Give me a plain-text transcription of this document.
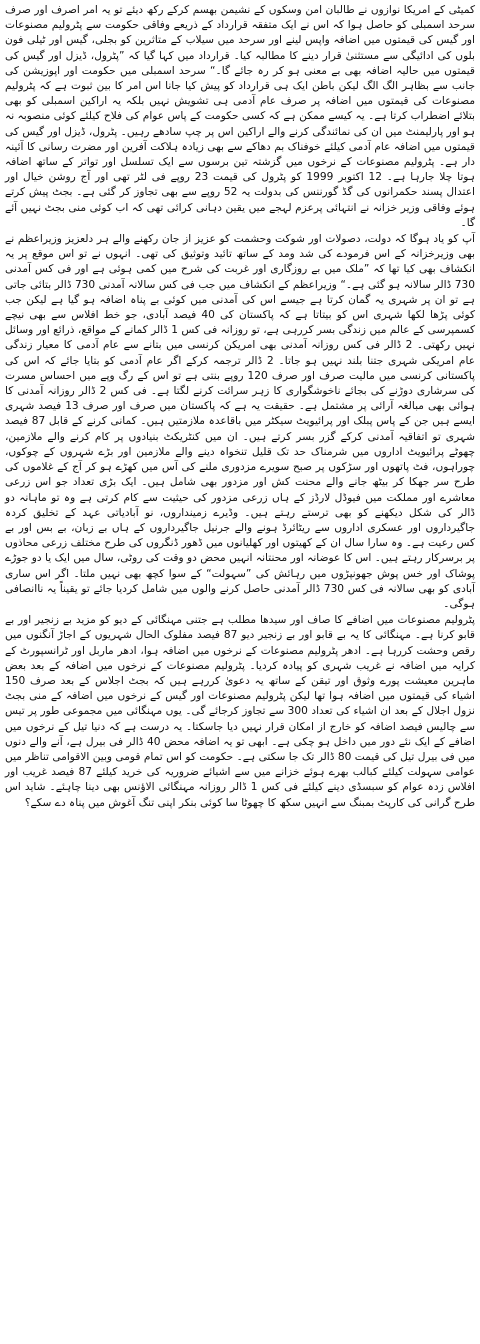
کمیٹی کے امریکا نوازوں نے طالبان امن وسکوں کے نشیمن بھسم کرکے رکھ دیئے تو یہ امر اصرف اور صرف سرحد اسمبلی کو حاصل ہوا کہ اس نے ایک متفقہ قرارداد کے ذریعے وفاقی حکومت سے پٹرولیم مصنوعات اور گیس کی قیمتوں میں اضافہ واپس لینے اور سرحد میں سیلاب کے متاثرین کو بجلی، گیس اور ٹیلی فون بلوں کی ادائیگی سے مستثنیٰ قرار دینے کا مطالبہ کیا۔ قرارداد میں کہا گیا کہ ”پٹرول، ڈیزل اور گیس کی قیمتوں میں حالیہ اضافہ بھی بے معنی ہو کر رہ جائے گا۔“ سرحد اسمبلی میں حکومت اور اپوزیشن کی جانب سے بظاہر الگ الگ لیکن باطن ایک ہی قرارداد کو پیش کیا جانا اس امر کا بین ثبوت ہے کہ پٹرولیم مصنوعات کی قیمتوں میں اضافہ پر صرف عام آدمی ہی تشویش نہیں بلکہ یہ اراکین اسمبلی کو بھی بتلائے اضطراب کرتا ہے۔ یہ کیسے ممکن ہے کہ کسی حکومت کے پاس عوام کی فلاح کیلئے کوئی منصوبہ نہ ہو اور پارلیمنٹ میں ان کی نمائندگی کرنے والے اراکین اس پر چپ سادھے رہیں۔ پٹرول، ڈیزل اور گیس کی قیمتوں میں اضافہ عام آدمی کیلئے خوفناک بم دھاکے سے بھی زیادہ ہلاکت آفرین اور مضرت رسانی کا آئینہ دار ہے۔ پٹرولیم مصنوعات کے نرخوں میں گزشتہ تین برسوں سے ایک تسلسل اور تواتر کے ساتھ اضافہ ہوتا چلا جارہا ہے۔ 12 اکتوبر 1999 کو پٹرول کی قیمت 23 روپے فی لٹر تھی اور آج روشن خیال اور اعتدال پسند حکمرانوں کی گڈ گورننس کی بدولت یہ 52 روپے سے بھی تجاوز کر گئی ہے۔ بجٹ پیش کرتے ہوئے وفاقی وزیر خزانہ نے انتہائی پرعزم لہجے میں یقین دہانی کرائی تھی کہ اب کوئی منی بجٹ نہیں آئے گا۔

آپ کو یاد ہوگا کہ دولت، دصولات اور شوکت وحشمت کو عزیز از جان رکھنے والے ہر دلعزیز وزیراعظم نے بھی وزیرخزانہ کے اس فرمودے کی شد ومد کے ساتھ تائید وتوثیق کی تھی۔ انہوں نے تو اس موقع پر یہ انکشاف بھی کیا تھا کہ ”ملک میں بے روزگاری اور غربت کی شرح میں کمی ہوئی ہے اور فی کس آمدنی 730 ڈالر سالانہ ہو گئی ہے۔“ وزیراعظم کے انکشاف میں جب فی کس سالانہ آمدنی 730 ڈالر بتائی جاتی ہے تو ان پر شہری یہ گمان کرتا ہے جیسے اس کی آمدنی میں کوئی بے پناہ اضافہ ہو گیا ہے لیکن جب کوئی پڑھا لکھا شہری اس کو بیتاتا ہے کہ پاکستان کی 40 فیصد آبادی، جو خط افلاس سے بھی نیچے کسمپرسی کے عالم میں زندگی بسر کررہی ہے، تو روزانہ فی کس 1 ڈالر کمانے کے مواقع، ذرائع اور وسائل نہیں رکھتی۔ 2 ڈالر فی کس روزانہ آمدنی بھی امریکن کرنسی میں بتانے سے عام آدمی کا معیار زندگی عام امریکی شہری جتنا بلند نہیں ہو جاتا۔ 2 ڈالر ترجمہ کرکے اگر عام آدمی کو بتایا جائے کہ اس کی پاکستانی کرنسی میں مالیت صرف اور صرف 120 روپے بنتی ہے تو اس کے رگ وپے میں احساس مسرت کی سرشاری دوڑنے کی بجائے ناخوشگواری کا زہر سرائت کرنے لگتا ہے۔ فی کس 2 ڈالر روزانہ آمدنی کا ہوائی بھی مبالغہ آرائی پر مشتمل ہے۔ حقیقت یہ ہے کہ پاکستان میں صرف اور صرف 13 فیصد شہری ایسے ہیں جن کے پاس پبلک اور پرائیویٹ سیکٹر میں باقاعدہ ملازمتیں ہیں۔ کمانی کرنے کے قابل 87 فیصد شہری تو اتفاقیہ آمدنی کرکے گزر بسر کرتے ہیں۔ ان میں کنٹریکٹ بنیادوں پر کام کرنے والے ملازمین، چھوٹے پرائیویٹ اداروں میں شرمناک حد تک قلیل تنخواہ دینے والے ملازمین اور بڑے شہروں کے چوکوں، چوراہوں، فٹ پاتھوں اور سڑکوں پر صبح سویرے مزدوری ملنے کی آس میں کھڑے ہو کر آج کے غلاموں کی طرح سر جھکا کر بیٹھ جانے والے محنت کش اور مزدور بھی شامل ہیں۔ ایک بڑی تعداد جو اس زرعی معاشرے اور مملکت میں فیوڈل لارڈز کے ہاں زرعی مزدور کی حیثیت سے کام کرتی ہے وہ تو ماہانہ دو ڈالر کی شکل دیکھنے کو بھی ترستے رہتے ہیں۔ وڈیرے زمینداروں، نو آبادیاتی عہد کے تخلیق کردہ جاگیرداروں اور عسکری اداروں سے ریٹائرڈ ہونے والے جرنیل جاگیرداروں کے ہاں بے زبان، بے بس اور بے کس رعیت ہے۔ وہ سارا سال ان کے کھیتوں اور کھلیانوں میں ڈھور ڈنگروں کی طرح مختلف زرعی محاذوں پر برسرکار رہتے ہیں۔ اس کا عوضانہ اور محنتانہ انہیں محض دو وقت کی روٹی، سال میں ایک یا دو جوڑے پوشاک اور خس پوش جھونپڑوں میں رہائش کی ”سہولت“ کے سوا کچھ بھی نہیں ملتا۔ اگر اس ساری آبادی کو بھی سالانہ فی کس 730 ڈالر آمدنی حاصل کرنے والوں میں شامل کردیا جائے تو یقیناً یہ ناانصافی ہوگی۔

پٹرولیم مصنوعات میں اضافے کا صاف اور سیدھا مطلب ہے جتنی مہنگائی کے دیو کو مزید بے زنجیر اور بے قابو کرنا ہے۔ مہنگائی کا یہ بے قابو اور بے زنجیر دیو 87 فیصد مفلوک الحال شہریوں کے اجاڑ آنگنوں میں رقص وحشت کررہا ہے۔ ادھر پٹرولیم مصنوعات کے نرخوں میں اضافہ ہوا، ادھر ماربل اور ٹرانسپورٹ کے کرایہ میں اضافہ نے غریب شہری کو پیادہ کردیا۔ پٹرولیم مصنوعات کے نرخوں میں اضافہ کے بعد بعض ماہرین معیشت پورے وثوق اور تیقن کے ساتھ یہ دعویٰ کررہے ہیں کہ بجٹ اجلاس کے بعد صرف 150 اشیاء کی قیمتوں میں اضافہ ہوا تھا لیکن پٹرولیم مصنوعات اور گیس کے نرخوں میں اضافہ کے منی بجٹ نزول اجلال کے بعد ان اشیاء کی تعداد 300 سے تجاوز کرجائے گی۔ یوں مہنگائی میں مجموعی طور پر تیس سے چالیس فیصد اضافہ کو خارج از امکان قرار نہیں دیا جاسکتا۔ یہ درست ہے کہ دنیا تیل کے نرخوں میں اضافے کے ایک نئے دور میں داخل ہو چکی ہے۔ ابھی تو یہ اضافہ محض 40 ڈالر فی بیرل ہے، آنے والے دنوں میں فی بیرل تیل کی قیمت 80 ڈالر تک جا سکتی ہے۔ حکومت کو اس تمام قومی وبین الاقوامی تناظر میں عوامی سہولت کیلئے کبالب بھرے ہوئے خزانے میں سے اشیائے ضروریہ کی خرید کیلئے 87 فیصد غریب اور افلاس زدہ عوام کو سبسڈی دینے کیلئے فی کس 1 ڈالر روزانہ مہنگائی الاؤنس بھی دینا چاہئے۔ شاید اس طرح گرانی کی کارپٹ بمبنگ سے انہیں سکھ کا چھوٹا سا کوئی بنکر اپنی تنگ آغوش میں پناہ دے سکے؟
